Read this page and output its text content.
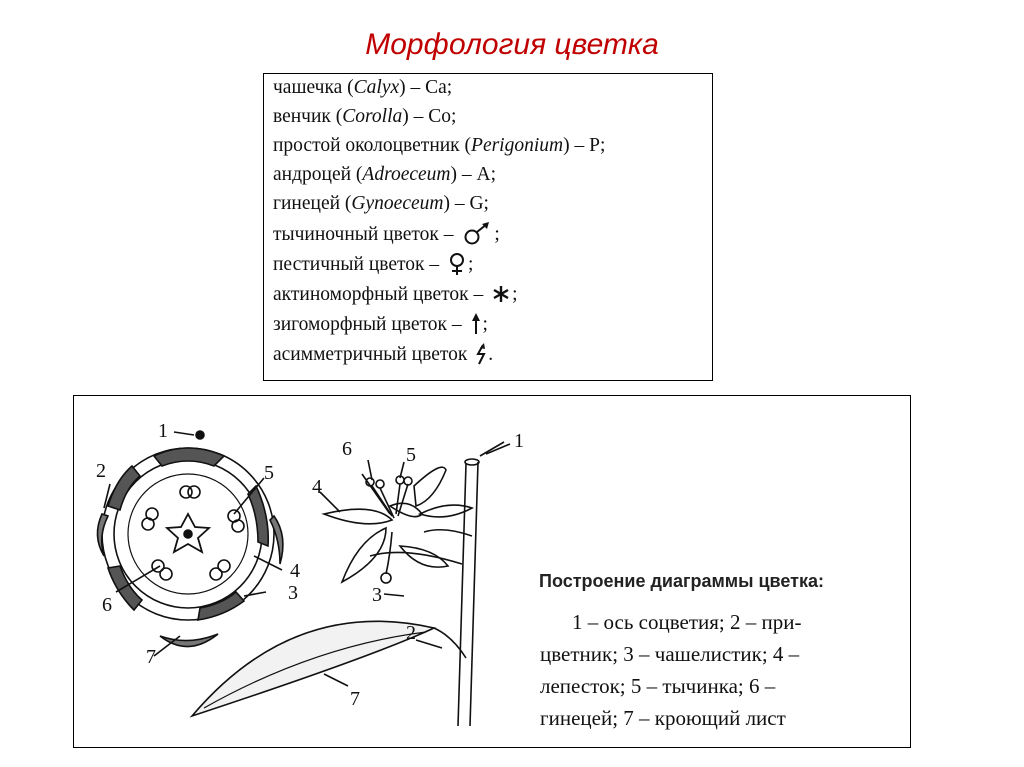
Морфология цветка
чашечка (Calyx) – Ca;
венчик (Corolla) – Co;
простой околоцветник (Perigonium) – P;
андроцей (Adroeceum) – A;
гинецей (Gynoeceum) – G;
тычиночный цветок –
;
пестичный цветок –
;
актиноморфный цветок –
;
зигоморфный цветок –
;
асимметричный цветок
.
1
2
3
4
5
6
7
1
2
3
4
5
6
7
Построение диаграммы цветка:
1 – ось соцветия; 2 – при-
цветник; 3 – чашелистик; 4 –
лепесток; 5 – тычинка; 6 –
гинецей; 7 – кроющий лист
